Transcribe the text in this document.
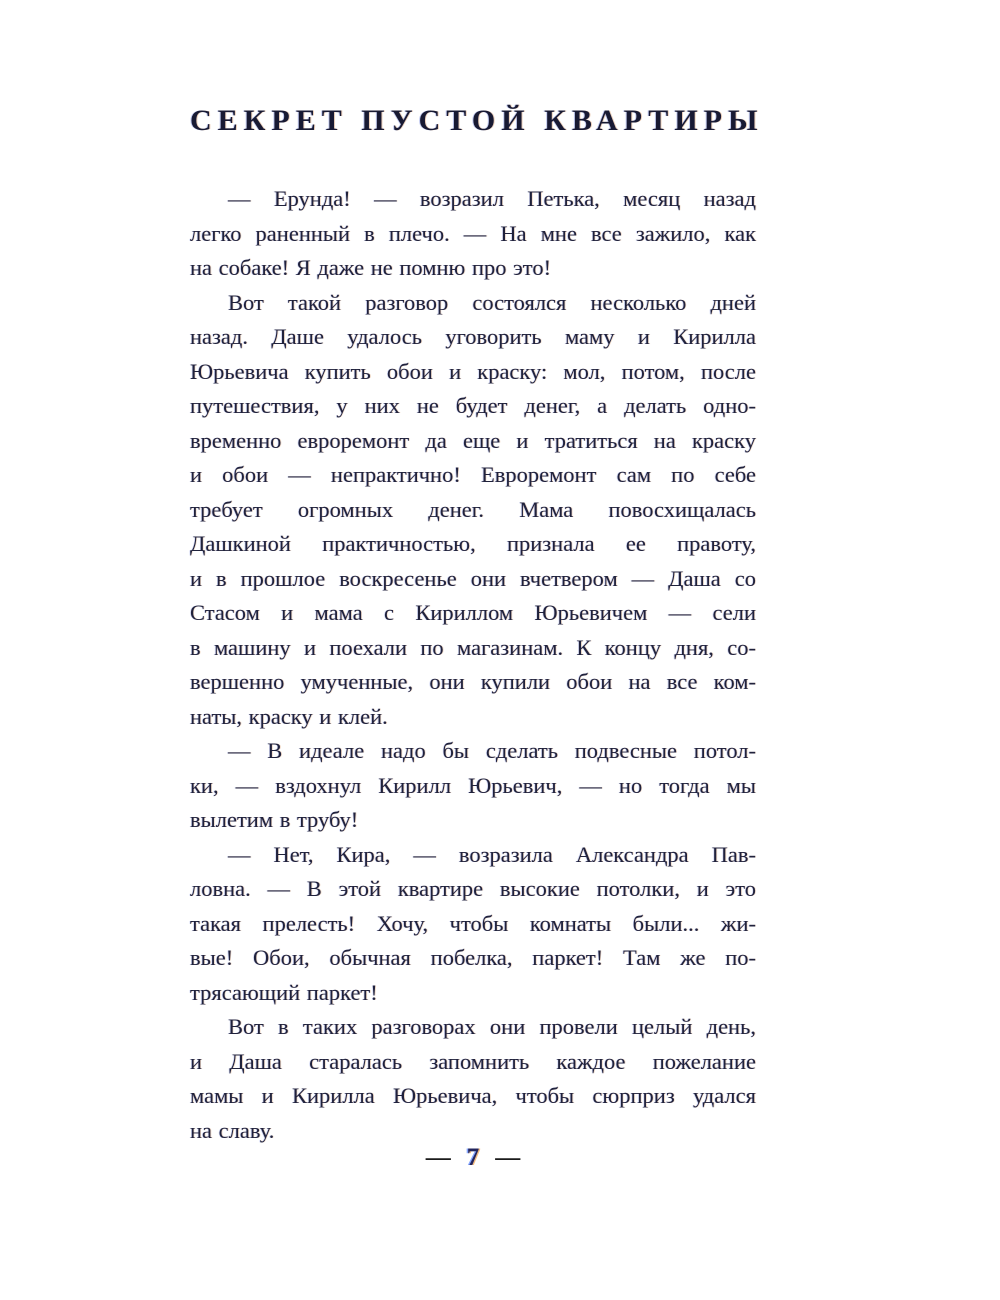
СЕКРЕТ ПУСТОЙ КВАРТИРЫ
— Ерунда! — возразил Петька, месяц назад
легко раненный в плечо. — На мне все зажило, как
на собаке! Я даже не помню про это!
Вот такой разговор состоялся несколько дней
назад. Даше удалось уговорить маму и Кирилла
Юрьевича купить обои и краску: мол, потом, после
путешествия, у них не будет денег, а делать одно-
временно евроремонт да еще и тратиться на краску
и обои — непрактично! Евроремонт сам по себе
требует огромных денег. Мама повосхищалась
Дашкиной практичностью, признала ее правоту,
и в прошлое воскресенье они вчетвером — Даша со
Стасом и мама с Кириллом Юрьевичем — сели
в машину и поехали по магазинам. К концу дня, со-
вершенно умученные, они купили обои на все ком-
наты, краску и клей.
— В идеале надо бы сделать подвесные потол-
ки, — вздохнул Кирилл Юрьевич, — но тогда мы
вылетим в трубу!
— Нет, Кира, — возразила Александра Пав-
ловна. — В этой квартире высокие потолки, и это
такая прелесть! Хочу, чтобы комнаты были... жи-
вые! Обои, обычная побелка, паркет! Там же по-
трясающий паркет!
Вот в таких разговорах они провели целый день,
и Даша старалась запомнить каждое пожелание
мамы и Кирилла Юрьевича, чтобы сюрприз удался
на славу.
— 7 —
